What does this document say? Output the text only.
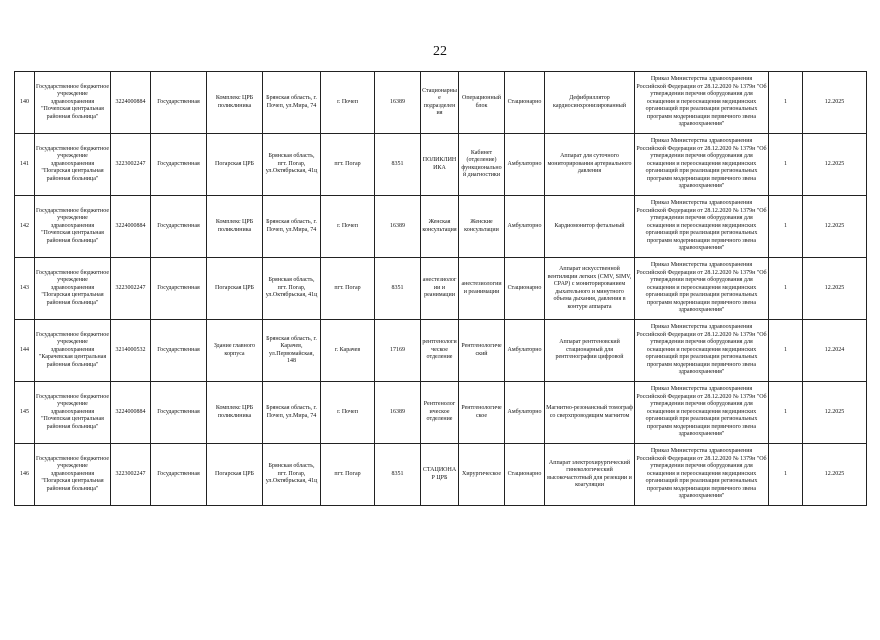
22
140	Государственное бюджетное учреждение здравоохранения "Почепская центральная районная больница"	3224000884	Государственная	Комплекс ЦРБ поликлиника	Брянская область, г. Почеп, ул.Мира, 74	г. Почеп	16389	Стационарны е подразделен ия	Операционный блок	Стационарно	Дефибриллятор кардиосинхронизированный	Приказ Министерства здравоохранения Российской Федерации от 28.12.2020 № 1379н "Об утверждении перечня оборудования для оснащения и переоснащения медицинских организаций при реализации региональных программ модернизации первичного звена здравоохранения"	1	12.2025
141	Государственное бюджетное учреждение здравоохранения "Погарская центральная районная больница"	3223002247	Государственная	Погарская ЦРБ	Брянская область, пгт. Погар, ул.Октябрьская, 41ц	пгт. Погар	8351	ПОЛИКЛИН ИКА	Кабинет (отделение) функционально й диагностики	Амбулаторно	Аппарат для суточного мониторирования артериального давления	Приказ Министерства здравоохранения Российской Федерации от 28.12.2020 № 1379н "Об утверждении перечня оборудования для оснащения и переоснащения медицинских организаций при реализации региональных программ модернизации первичного звена здравоохранения"	1	12.2025
142	Государственное бюджетное учреждение здравоохранения "Почепская центральная районная больница"	3224000884	Государственная	Комплекс ЦРБ поликлиника	Брянская область, г. Почеп, ул.Мира, 74	г. Почеп	16389	Женская консультация	Женские консультации	Амбулаторно	Кардиомонитор фетальный	Приказ Министерства здравоохранения Российской Федерации от 28.12.2020 № 1379н "Об утверждении перечня оборудования для оснащения и переоснащения медицинских организаций при реализации региональных программ модернизации первичного звена здравоохранения"	1	12.2025
143	Государственное бюджетное учреждение здравоохранения "Погарская центральная районная больница"	3223002247	Государственная	Погарская ЦРБ	Брянская область, пгт. Погар, ул.Октябрьская, 41ц	пгт. Погар	8351	анестезиолог ии и реанимации	анестезиологии и реанимации	Стационарно	Аппарат искусственной вентиляции легких (CMV, SIMV, CPAP) с мониторированием дыхательного и минутного объема дыхания, давления в контуре аппарата	Приказ Министерства здравоохранения Российской Федерации от 28.12.2020 № 1379н "Об утверждении перечня оборудования для оснащения и переоснащения медицинских организаций при реализации региональных программ модернизации первичного звена здравоохранения"	1	12.2025
144	Государственное бюджетное учреждение здравоохранения "Карачевская центральная районная больница"	3214000532	Государственная	Здание главного корпуса	Брянская область, г. Карачев, ул.Первомайская, 148	г. Карачев	17169	рентгенологи ческое отделение	Рентгенологиче ский	Амбулаторно	Аппарат рентгеновский стационарный для рентгенографии цифровой	Приказ Министерства здравоохранения Российской Федерации от 28.12.2020 № 1379н "Об утверждении перечня оборудования для оснащения и переоснащения медицинских организаций при реализации региональных программ модернизации первичного звена здравоохранения"	1	12.2024
145	Государственное бюджетное учреждение здравоохранения "Почепская центральная районная больница"	3224000884	Государственная	Комплекс ЦРБ поликлиника	Брянская область, г. Почеп, ул.Мира, 74	г. Почеп	16389	Рентгенолог ическое отделение	Рентгенологиче ское	Амбулаторно	Магнитно-резонансный томограф со сверхпроводящим магнитом	Приказ Министерства здравоохранения Российской Федерации от 28.12.2020 № 1379н "Об утверждении перечня оборудования для оснащения и переоснащения медицинских организаций при реализации региональных программ модернизации первичного звена здравоохранения"	1	12.2025
146	Государственное бюджетное учреждение здравоохранения "Погарская центральная районная больница"	3223002247	Государственная	Погарская ЦРБ	Брянская область, пгт. Погар, ул.Октябрьская, 41ц	пгт. Погар	8351	СТАЦИОНА Р ЦРБ	Хирургическое	Стационарно	Аппарат электрохирургический гинекологический высокочастотный для резекции и коагуляции	Приказ Министерства здравоохранения Российской Федерации от 28.12.2020 № 1379н "Об утверждении перечня оборудования для оснащения и переоснащения медицинских организаций при реализации региональных программ модернизации первичного звена здравоохранения"	1	12.2025
